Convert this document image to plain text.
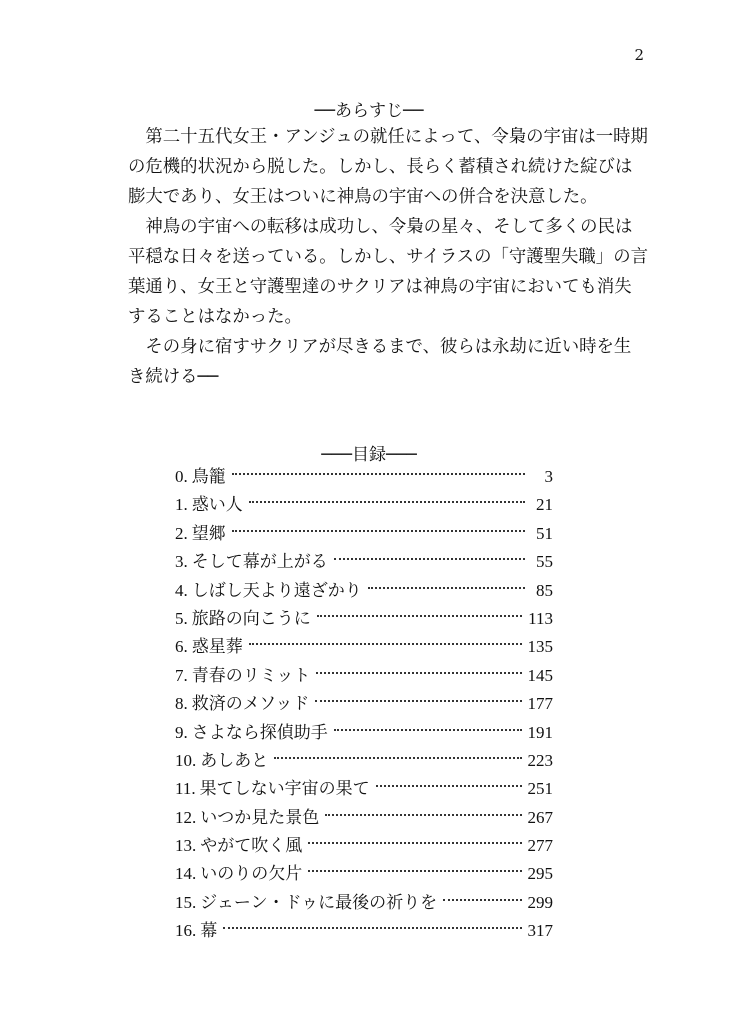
2
──あらすじ──

第二十五代女王・アンジュの就任によって、令梟の宇宙は一時期の危機的状況から脱した。しかし、長らく蓄積され続けた綻びは膨大であり、女王はついに神鳥の宇宙への併合を決意した。

神鳥の宇宙への転移は成功し、令梟の星々、そして多くの民は平穏な日々を送っている。しかし、サイラスの「守護聖失職」の言葉通り、女王と守護聖達のサクリアは神鳥の宇宙においても消失することはなかった。

その身に宿すサクリアが尽きるまで、彼らは永劫に近い時を生き続ける──

───目録───
0. 鳥籠	3
1. 惑い人	21
2. 望郷	51
3. そして幕が上がる	55
4. しばし天より遠ざかり	85
5. 旅路の向こうに	113
6. 惑星葬	135
7. 青春のリミット	145
8. 救済のメソッド	177
9. さよなら探偵助手	191
10. あしあと	223
11. 果てしない宇宙の果て	251
12. いつか見た景色	267
13. やがて吹く風	277
14. いのりの欠片	295
15. ジェーン・ドゥに最後の祈りを	299
16. 幕	317
